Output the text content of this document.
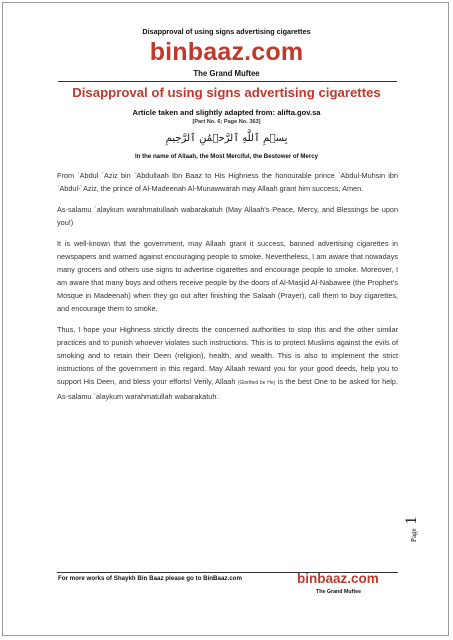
Disapproval of using signs advertising cigarettes
binbaaz.com
The Grand Muftee
Disapproval of using signs advertising cigarettes
Article taken and slightly adapted from: alifta.gov.sa
[Part No. 6; Page No. 363]
بِسۡمِ ٱللَّهِ ٱلرَّحۡمَٰنِ ٱلرَّحِيمِ
In the name of Allaah, the Most Merciful, the Bestower of Mercy

From `Abdul `Aziz bin `Abdullaah Ibn Baaz to His Highness the honourable prince `Abdul-Muhsin ibn `Abdul-`Aziz, the prince of Al-Madeenah Al-Munawwarah may Allaah grant him success, Amen.

As-salamu `alaykum warahmatullaah wabarakatuh (May Allaah's Peace, Mercy, and Blessings be upon you!)

It is well-known that the government, may Allaah grant it success, banned advertising cigarettes in newspapers and warned against encouraging people to smoke. Nevertheless, I am aware that nowadays many grocers and others use signs to advertise cigarettes and encourage people to smoke. Moreover, I am aware that many boys and others receive people by the doors of Al-Masjid Al-Nabawee (the Prophet's Mosque in Madeenah) when they go out after finishing the Salaah (Prayer), call them to buy cigarettes, and encourage them to smoke.

Thus, I hope your Highness strictly directs the concerned authorities to stop this and the other similar practices and to punish whoever violates such instructions. This is to protect Muslims against the evils of smoking and to retain their Deen (religion), health, and wealth. This is also to implement the strict instructions of the government in this regard. May Allaah reward you for your good deeds, help you to support His Deen, and bless your efforts! Verily, Allaah (Glorified be He) is the best One to be asked for help. As-salamu `alaykum warahmatullah wabarakatuh.

Page 1
For more works of Shaykh Bin Baaz please go to BinBaaz.com	binbaaz.com
The Grand Muftee
